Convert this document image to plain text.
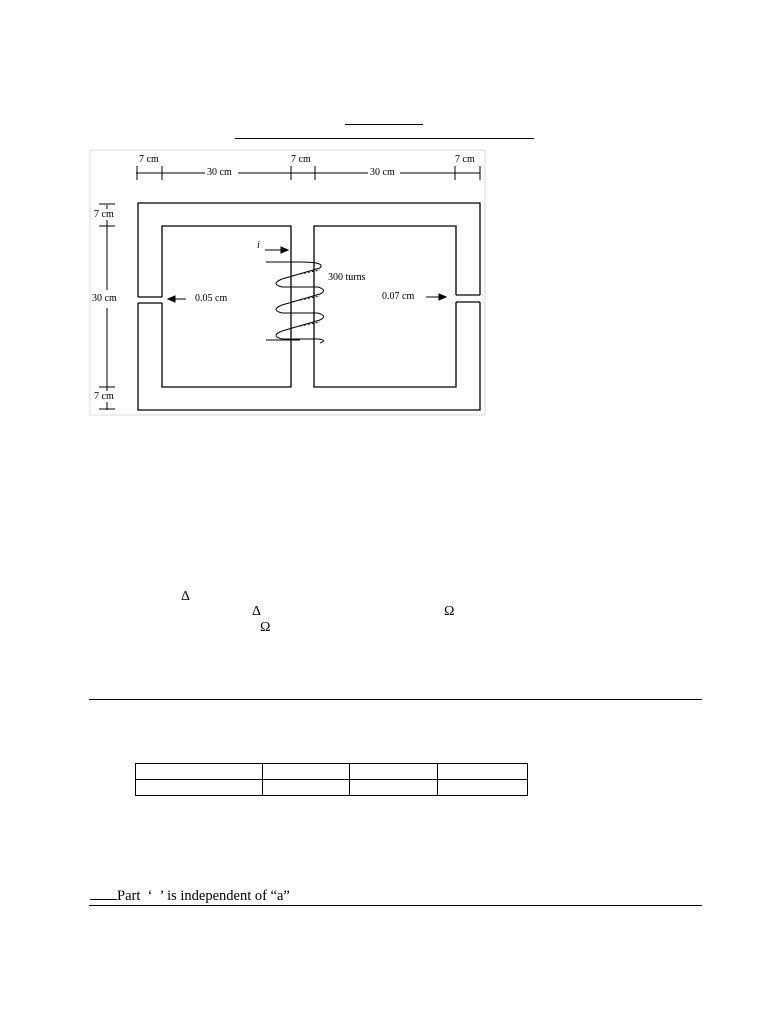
7 cm
30 cm
7 cm
30 cm
7 cm
7 cm
30 cm
7 cm
i
300 turns
0.05 cm	0.07 cm
Δ
Δ	Ω
Ω

Part  ‘  ’ is independent of “a”
